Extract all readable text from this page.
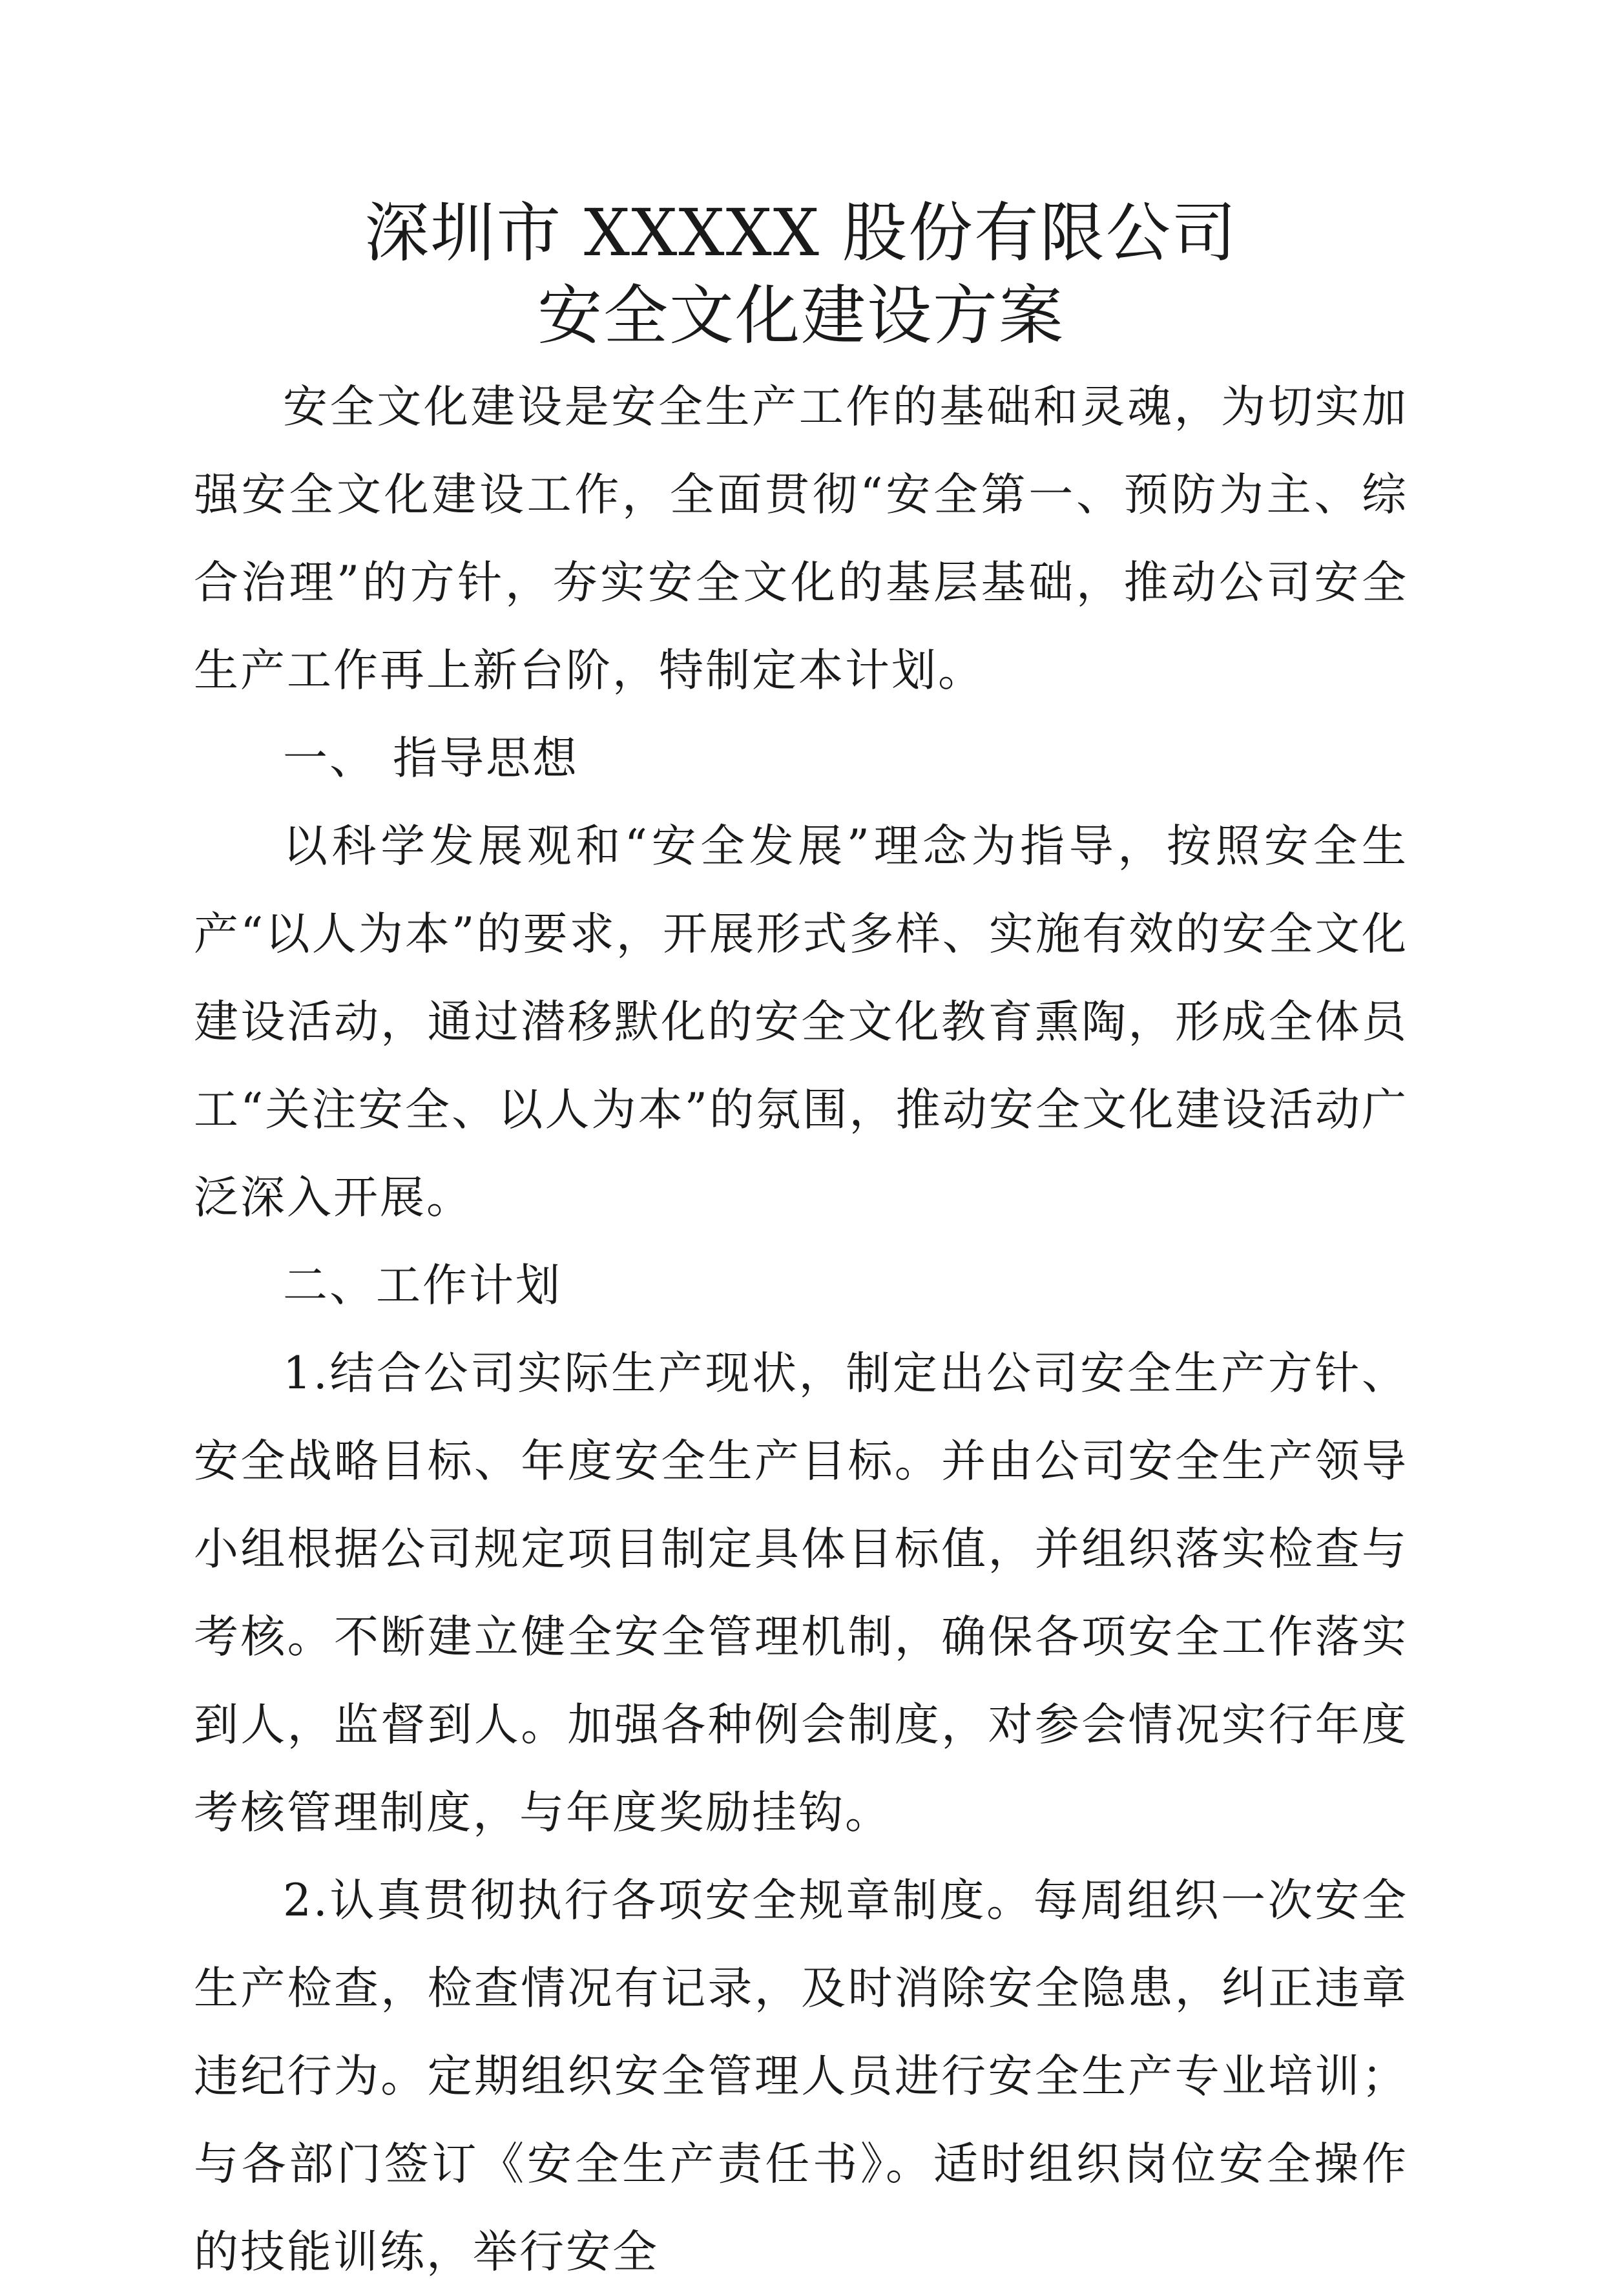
深圳市 XXXXX 股份有限公司
安全文化建设方案

安全文化建设是安全生产工作的基础和灵魂，为切实加强安全文化建设工作，全面贯彻“安全第一、预防为主、综合治理”的方针，夯实安全文化的基层基础，推动公司安全生产工作再上新台阶，特制定本计划。

一、 指导思想

以科学发展观和“安全发展”理念为指导，按照安全生产“以人为本”的要求，开展形式多样、实施有效的安全文化建设活动，通过潜移默化的安全文化教育熏陶，形成全体员工“关注安全、以人为本”的氛围，推动安全文化建设活动广泛深入开展。

二、工作计划

1.结合公司实际生产现状，制定出公司安全生产方针、安全战略目标、年度安全生产目标。并由公司安全生产领导小组根据公司规定项目制定具体目标值，并组织落实检查与考核。不断建立健全安全管理机制，确保各项安全工作落实到人，监督到人。加强各种例会制度，对参会情况实行年度考核管理制度，与年度奖励挂钩。

2.认真贯彻执行各项安全规章制度。每周组织一次安全生产检查，检查情况有记录，及时消除安全隐患，纠正违章违纪行为。定期组织安全管理人员进行安全生产专业培训；与各部门签订《安全生产责任书》。适时组织岗位安全操作的技能训练，举行安全
